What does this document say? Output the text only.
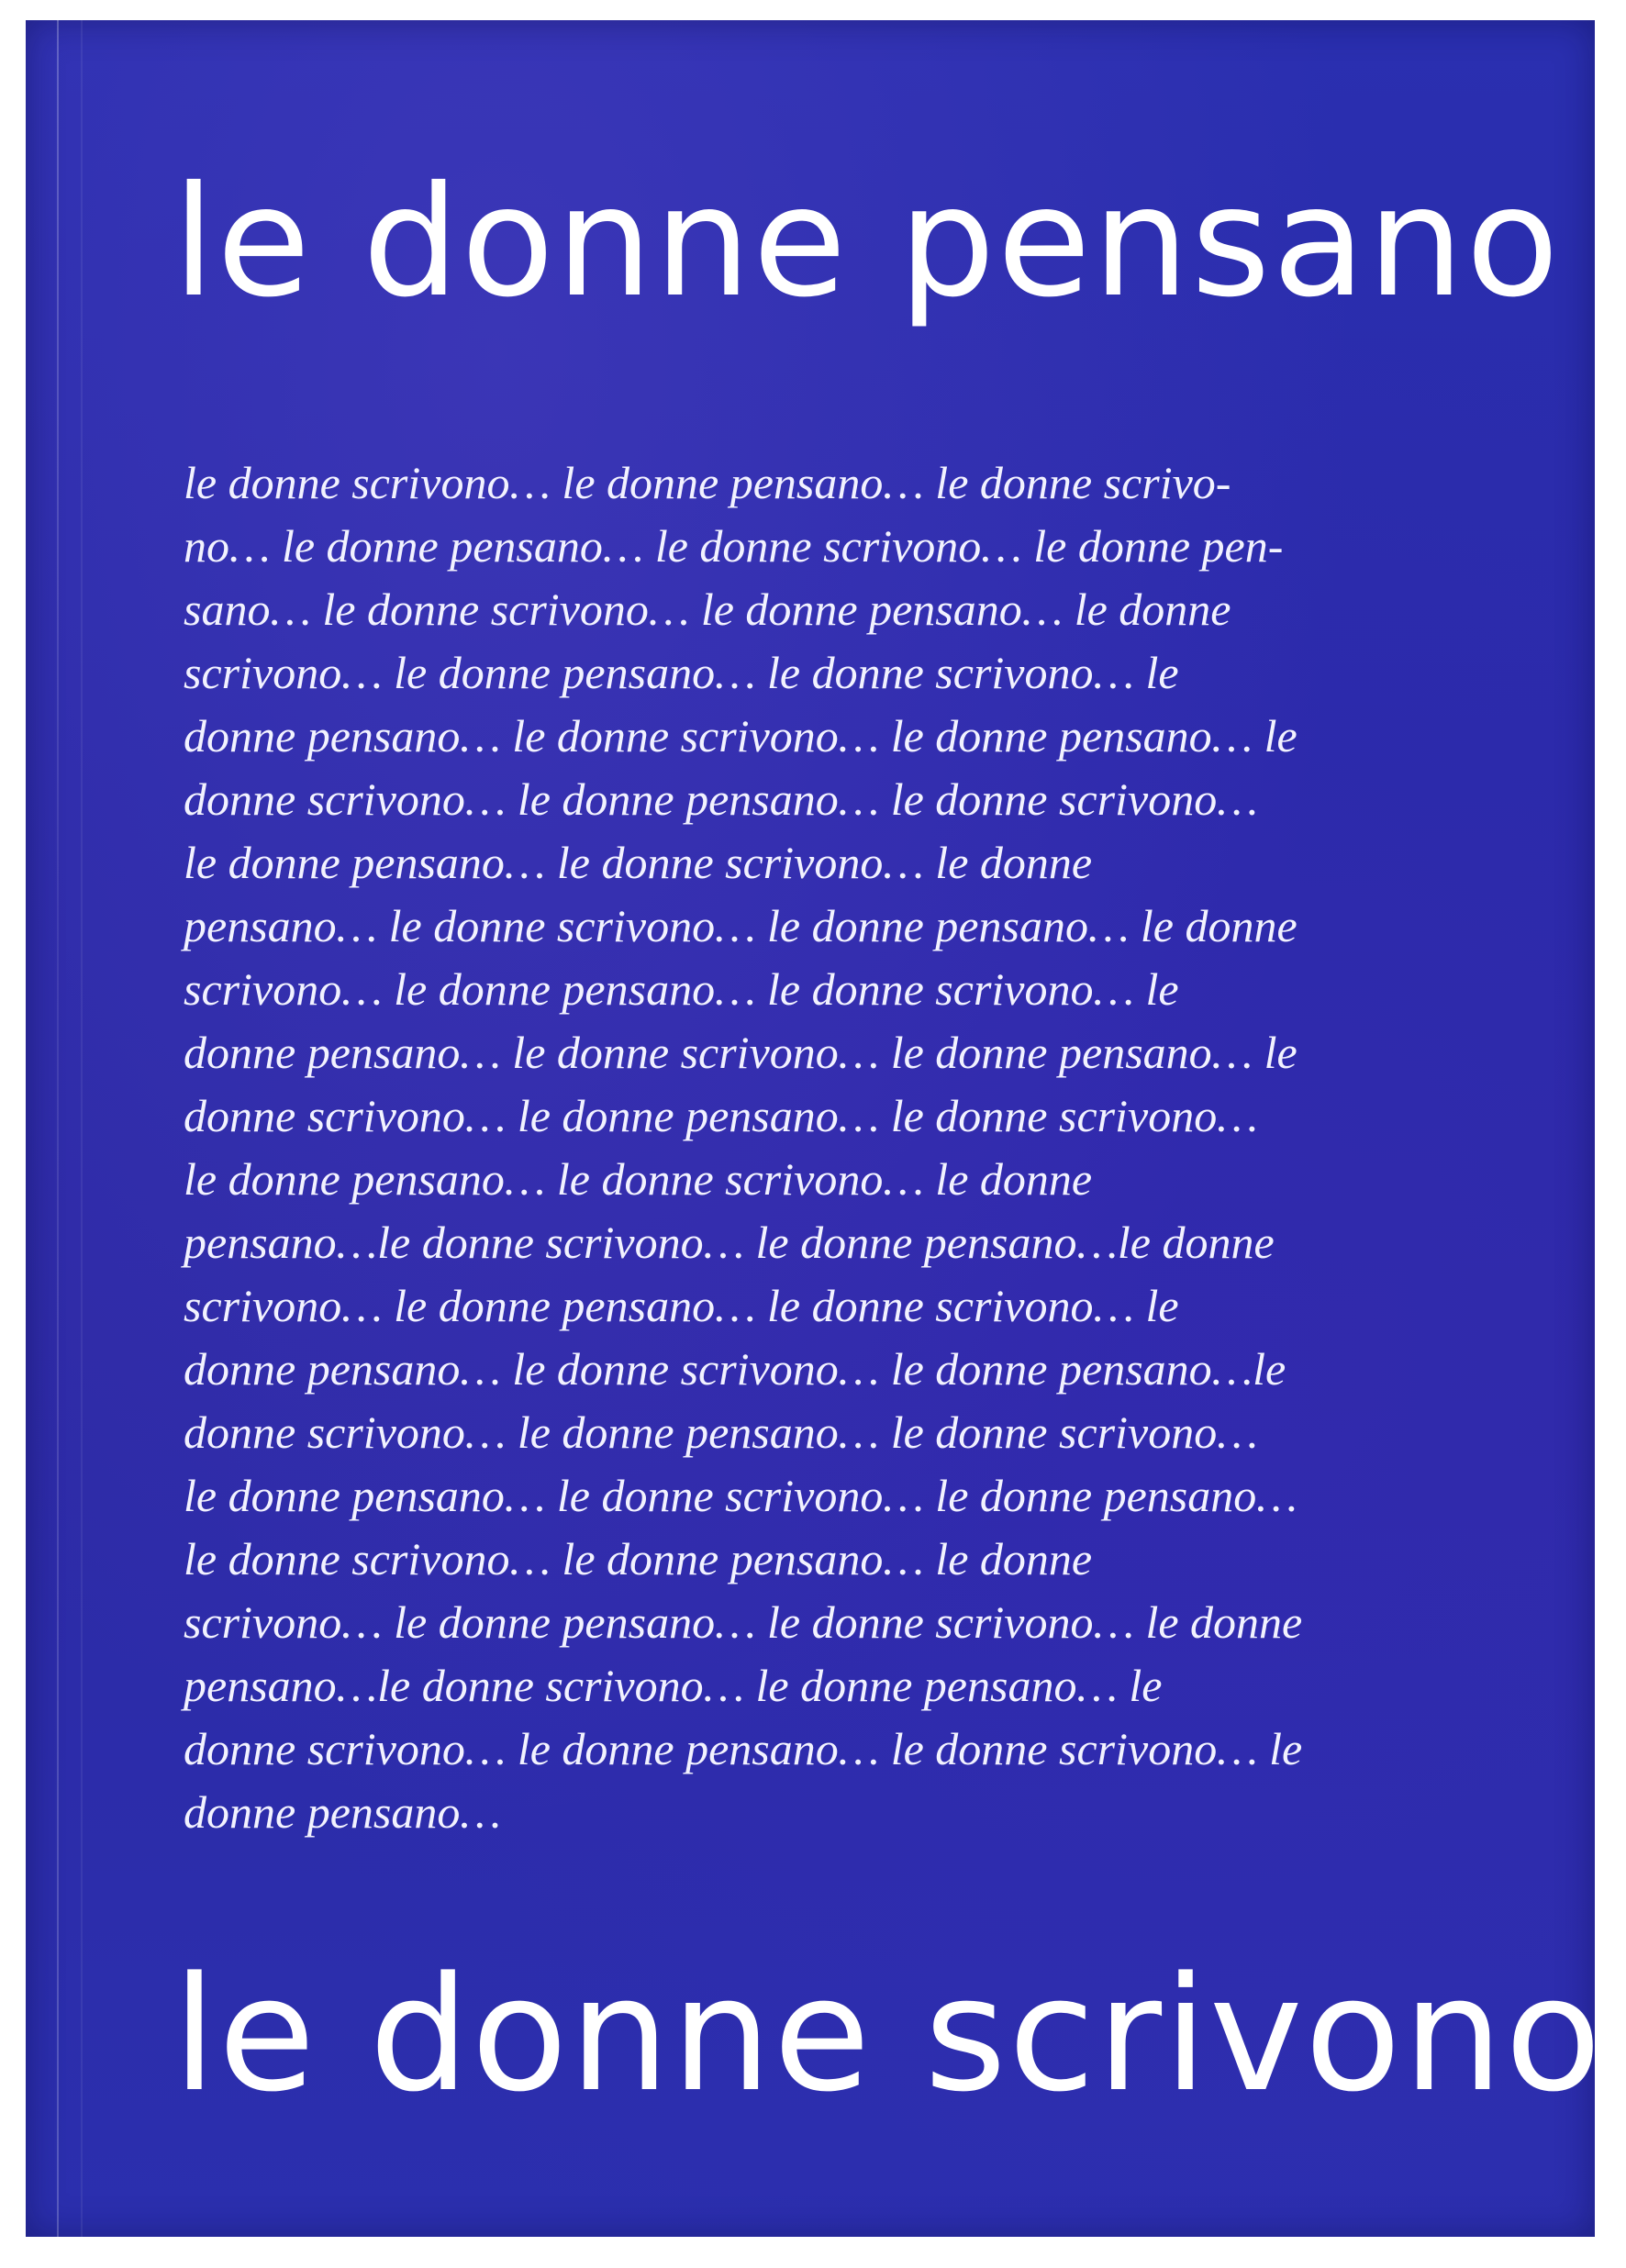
le donne pensano
le donne scrivono… le donne pensano… le donne scrivo-
no… le donne pensano… le donne scrivono… le donne pen-
sano… le donne scrivono… le donne pensano… le donne
scrivono… le donne pensano… le donne scrivono… le
donne pensano… le donne scrivono… le donne pensano… le
donne scrivono… le donne pensano… le donne scrivono…
le donne pensano… le donne scrivono… le donne
pensano… le donne scrivono… le donne pensano… le donne
scrivono… le donne pensano… le donne scrivono… le
donne pensano… le donne scrivono… le donne pensano… le
donne scrivono… le donne pensano… le donne scrivono…
le donne pensano… le donne scrivono… le donne
pensano…le donne scrivono… le donne pensano…le donne
scrivono… le donne pensano… le donne scrivono… le
donne pensano… le donne scrivono… le donne pensano…le
donne scrivono… le donne pensano… le donne scrivono…
le donne pensano… le donne scrivono… le donne pensano…
le donne scrivono… le donne pensano… le donne
scrivono… le donne pensano… le donne scrivono… le donne
pensano…le donne scrivono… le donne pensano… le
donne scrivono… le donne pensano… le donne scrivono… le
donne pensano…
le donne scrivono
